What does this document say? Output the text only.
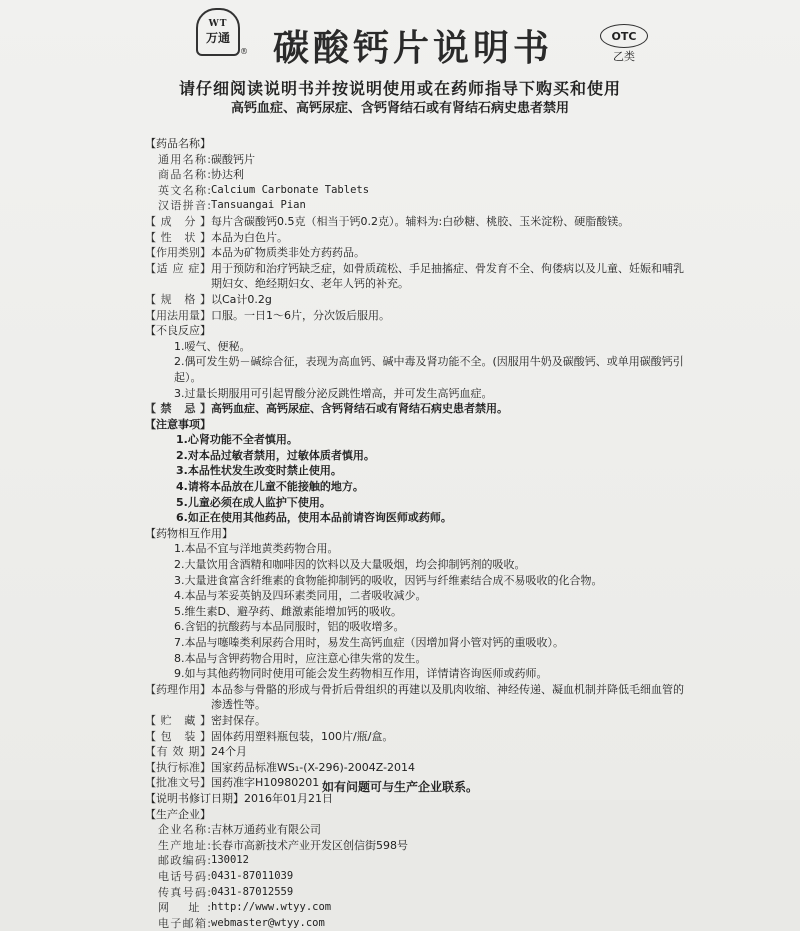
WT
万通
® 碳酸钙片说明书	OTC
乙类
请仔细阅读说明书并按说明使用或在药师指导下购买和使用
高钙血症、高钙尿症、含钙肾结石或有肾结石病史患者禁用
【药品名称】
通用名称: 碳酸钙片
商品名称: 协达利
英文名称: Calcium Carbonate Tablets
汉语拼音: Tansuangai Pian
【成 分】 每片含碳酸钙0.5克（相当于钙0.2克）。辅料为:白砂糖、桃胶、玉米淀粉、硬脂酸镁。
【性 状】 本品为白色片。
【作用类别】 本品为矿物质类非处方药药品。
【适 应 症】 用于预防和治疗钙缺乏症，如骨质疏松、手足抽搐症、骨发育不全、佝偻病以及儿童、妊娠和哺乳期妇女、绝经期妇女、老年人钙的补充。
【规 格】 以Ca计0.2g
【用法用量】 口服。一日1～6片，分次饭后服用。
【不良反应】
1.嗳气、便秘。
2.偶可发生奶－碱综合征，表现为高血钙、碱中毒及肾功能不全。(因服用牛奶及碳酸钙、或单用碳酸钙引起）。
3.过量长期服用可引起胃酸分泌反跳性增高，并可发生高钙血症。
【禁 忌】 高钙血症、高钙尿症、含钙肾结石或有肾结石病史患者禁用。
【注意事项】
1.心肾功能不全者慎用。
2.对本品过敏者禁用，过敏体质者慎用。
3.本品性状发生改变时禁止使用。
4.请将本品放在儿童不能接触的地方。
5.儿童必须在成人监护下使用。
6.如正在使用其他药品，使用本品前请咨询医师或药师。
【药物相互作用】
1.本品不宜与洋地黄类药物合用。
2.大量饮用含酒精和咖啡因的饮料以及大量吸烟，均会抑制钙剂的吸收。
3.大量进食富含纤维素的食物能抑制钙的吸收，因钙与纤维素结合成不易吸收的化合物。
4.本品与苯妥英钠及四环素类同用，二者吸收减少。
5.维生素D、避孕药、雌激素能增加钙的吸收。
6.含铝的抗酸药与本品同服时，铝的吸收增多。
7.本品与噻嗪类利尿药合用时，易发生高钙血症（因增加肾小管对钙的重吸收）。
8.本品与含钾药物合用时，应注意心律失常的发生。
9.如与其他药物同时使用可能会发生药物相互作用，详情请咨询医师或药师。
【药理作用】 本品参与骨骼的形成与骨折后骨组织的再建以及肌肉收缩、神经传递、凝血机制并降低毛细血管的渗透性等。
【贮 藏】 密封保存。
【包 装】 固体药用塑料瓶包装，100片/瓶/盒。
【有 效 期】 24个月
【执行标准】 国家药品标准WS₁-(X-296)-2004Z-2014
【批准文号】 国药准字H10980201
【说明书修订日期】 2016年01月21日
【生产企业】
企业名称: 吉林万通药业有限公司
生产地址: 长春市高新技术产业开发区创信街598号
邮政编码: 130012
电话号码: 0431-87011039
传真号码: 0431-87012559
网 址: http://www.wtyy.com
电子邮箱: webmaster@wtyy.com
如有问题可与生产企业联系。
